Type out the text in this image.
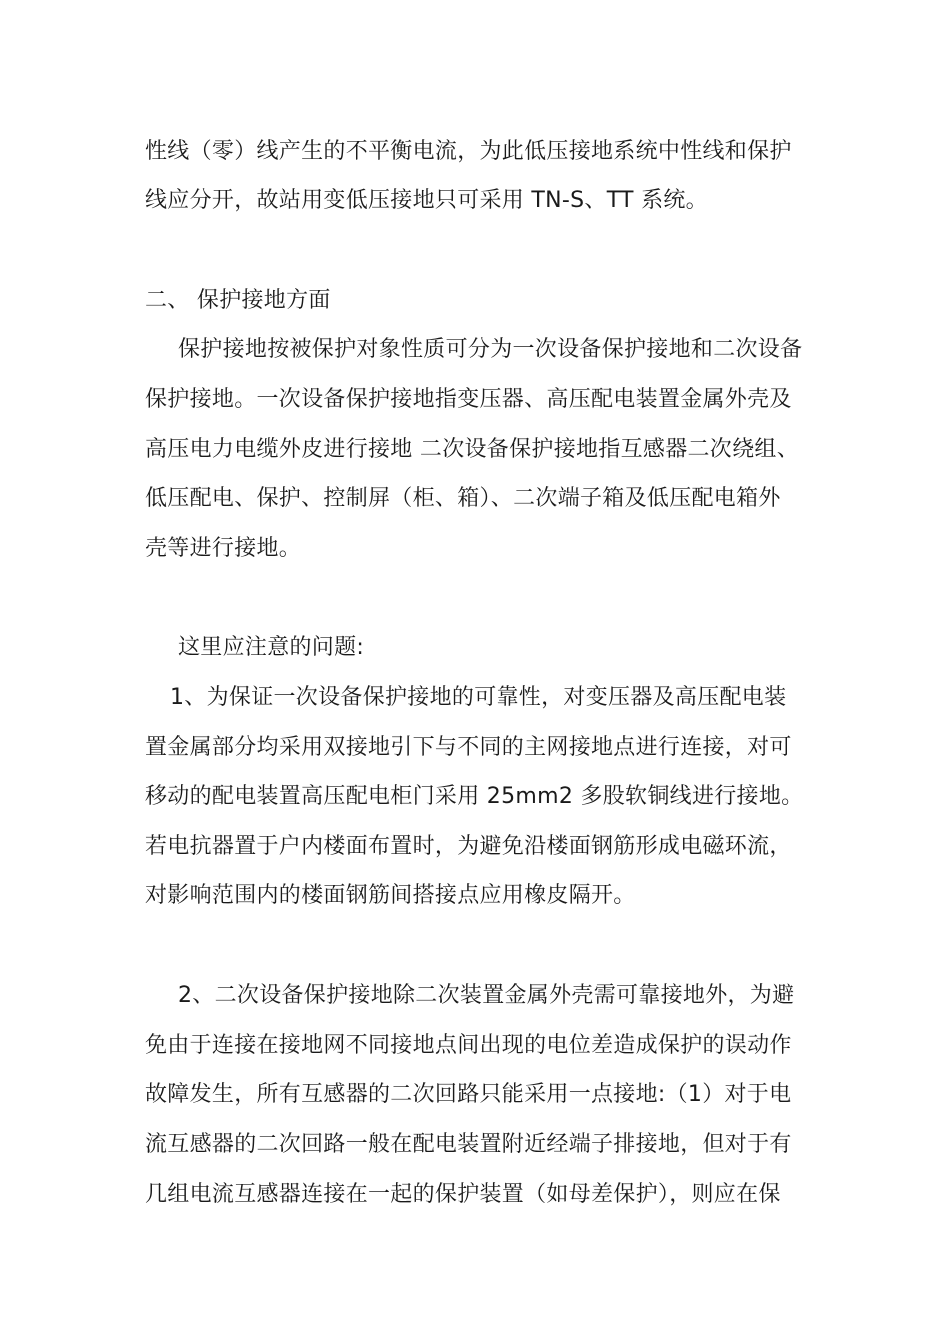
性线（零）线产生的不平衡电流，为此低压接地系统中性线和保护
线应分开，故站用变低压接地只可采用 TN-S、TT 系统。
二、 保护接地方面
保护接地按被保护对象性质可分为一次设备保护接地和二次设备
保护接地。一次设备保护接地指变压器、高压配电装置金属外壳及
高压电力电缆外皮进行接地 二次设备保护接地指互感器二次绕组、
低压配电、保护、控制屏（柜、箱）、二次端子箱及低压配电箱外
壳等进行接地。
这里应注意的问题:
1、为保证一次设备保护接地的可靠性，对变压器及高压配电装
置金属部分均采用双接地引下与不同的主网接地点进行连接，对可
移动的配电装置高压配电柜门采用 25mm2 多股软铜线进行接地。
若电抗器置于户内楼面布置时，为避免沿楼面钢筋形成电磁环流，
对影响范围内的楼面钢筋间搭接点应用橡皮隔开。
2、二次设备保护接地除二次装置金属外壳需可靠接地外，为避
免由于连接在接地网不同接地点间出现的电位差造成保护的误动作
故障发生，所有互感器的二次回路只能采用一点接地:（1）对于电
流互感器的二次回路一般在配电装置附近经端子排接地，但对于有
几组电流互感器连接在一起的保护装置（如母差保护），则应在保
